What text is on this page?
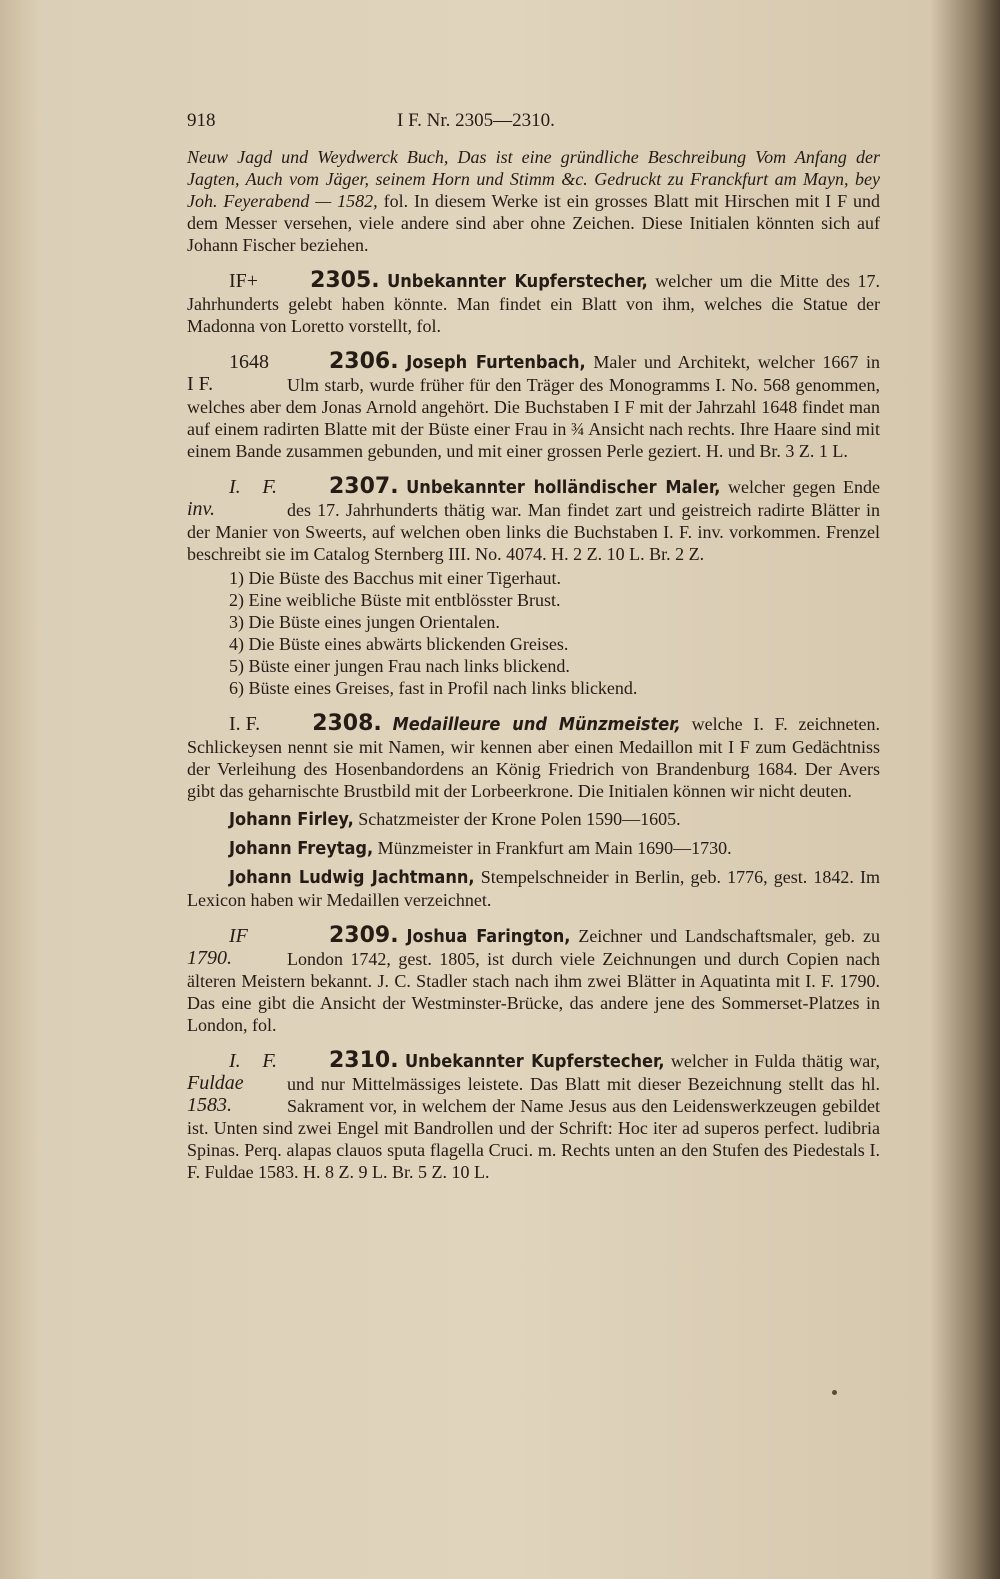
918	I F. Nr. 2305—2310.

Neuw Jagd und Weydwerck Buch, Das ist eine gründliche Beschreibung Vom Anfang der Jagten, Auch vom Jäger, seinem Horn und Stimm &c. Gedruckt zu Franckfurt am Mayn, bey Joh. Feyerabend — 1582, fol. In diesem Werke ist ein grosses Blatt mit Hirschen mit I F und dem Messer versehen, viele andere sind aber ohne Zeichen. Diese Initialen könnten sich auf Johann Fischer beziehen.

2305. Unbekannter Kupferstecher,
IF+	welcher um die Mitte des 17. Jahrhunderts gelebt haben könnte. Man findet ein Blatt von ihm, welches die Statue der Madonna von Loretto vorstellt, fol.

2306. Joseph Furtenbach,
1648 I F.
Maler und Architekt, welcher 1667 in Ulm starb, wurde früher für den Träger des Monogramms I. No. 568 genommen, welches aber dem Jonas Arnold angehört. Die Buchstaben I F mit der Jahrzahl 1648 findet man auf einem radirten Blatte mit der Büste einer Frau in ¾ Ansicht nach rechts. Ihre Haare sind mit einem Bande zusammen gebunden, und mit einer grossen Perle geziert. H. und Br. 3 Z. 1 L.

2307. Unbekannter holländischer Maler,
I. F. inv.
welcher gegen Ende des 17. Jahrhunderts thätig war. Man findet zart und geistreich radirte Blätter in der Manier von Sweerts, auf welchen oben links die Buchstaben I. F. inv. vorkommen. Frenzel beschreibt sie im Catalog Sternberg III. No. 4074. H. 2 Z. 10 L. Br. 2 Z.

1) Die Büste des Bacchus mit einer Tigerhaut.
2) Eine weibliche Büste mit entblösster Brust.
3) Die Büste eines jungen Orientalen.
4) Die Büste eines abwärts blickenden Greises.
5) Büste einer jungen Frau nach links blickend.
6) Büste eines Greises, fast in Profil nach links blickend.

2308. Medailleure und Münzmeister,
I. F.	welche I. F. zeichneten. Schlickeysen nennt sie mit Namen, wir kennen aber einen Medaillon mit I F zum Gedächtniss der Verleihung des Hosenbandordens an König Friedrich von Brandenburg 1684. Der Avers gibt das geharnischte Brustbild mit der Lorbeerkrone. Die Initialen können wir nicht deuten.

Johann Firley, Schatzmeister der Krone Polen 1590—1605.

Johann Freytag, Münzmeister in Frankfurt am Main 1690—1730.

Johann Ludwig Jachtmann, Stempelschneider in Berlin, geb. 1776, gest. 1842. Im Lexicon haben wir Medaillen verzeichnet.

2309. Joshua Farington,
IF 1790.
Zeichner und Landschaftsmaler, geb. zu London 1742, gest. 1805, ist durch viele Zeichnungen und durch Copien nach älteren Meistern bekannt. J. C. Stadler stach nach ihm zwei Blätter in Aquatinta mit I. F. 1790. Das eine gibt die Ansicht der Westminster-Brücke, das andere jene des Sommerset-Platzes in London, fol.

2310. Unbekannter Kupferstecher,
I. F. Fuldae 1583.
welcher in Fulda thätig war, und nur Mittelmässiges leistete. Das Blatt mit dieser Bezeichnung stellt das hl. Sakrament vor, in welchem der Name Jesus aus den Leidenswerkzeugen gebildet ist. Unten sind zwei Engel mit Bandrollen und der Schrift: Hoc iter ad superos perfect. ludibria Spinas. Perq. alapas clauos sputa flagella Cruci. m. Rechts unten an den Stufen des Piedestals I. F. Fuldae 1583. H. 8 Z. 9 L. Br. 5 Z. 10 L.
